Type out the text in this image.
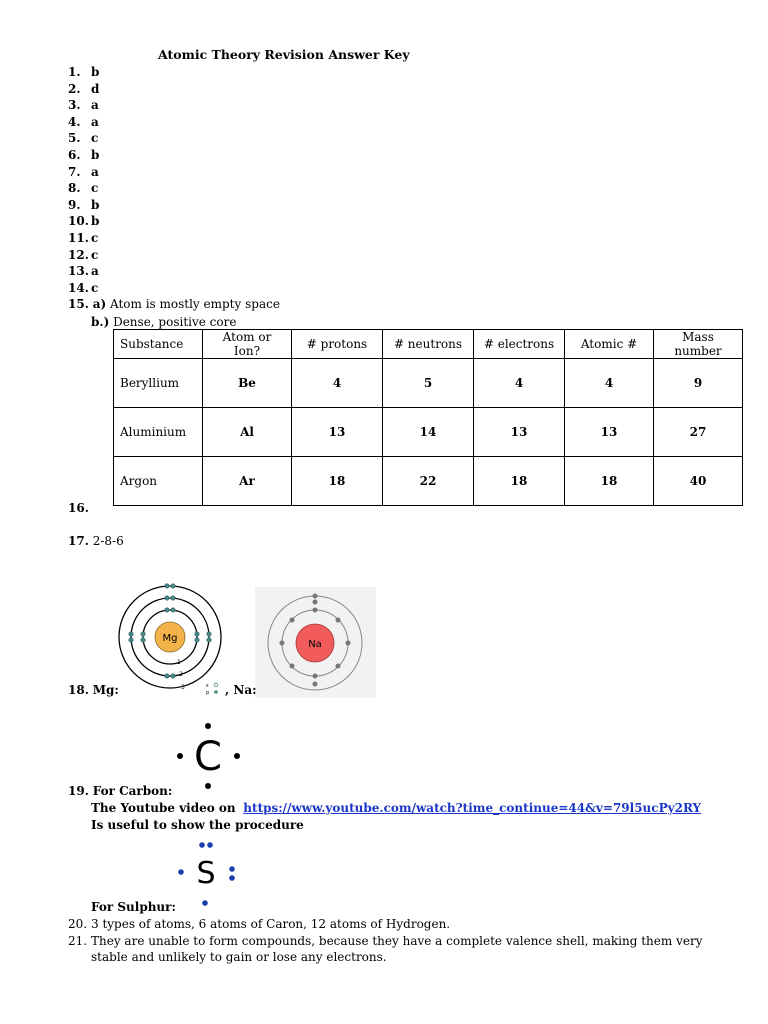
Atomic Theory Revision Answer Key
1. b
2. d
3. a
4. a
5. c
6. b
7. a
8. c
9. b
10. b
11. c
12. c
13. a
14. c
15. a) Atom is mostly empty space
b.) Dense, positive core
Substance	Atom or Ion?	# protons	# neutrons	# electrons	Atomic #	Mass number
Beryllium	Be	4	5	4	4	9
Aluminium	Al	13	14	13	13	27
Argon	Ar	18	22	18	18	40
16.
17. 2-8-6
Mg
1
2
3	s
p
Na
18. Mg:	, Na:
C
19. For Carbon:
The Youtube video on https://www.youtube.com/watch?time_continue=44&v=79l5ucPy2RY
Is useful to show the procedure
S
For Sulphur:
20. 3 types of atoms, 6 atoms of Caron, 12 atoms of Hydrogen.
21. They are unable to form compounds, because they have a complete valence shell, making them very
stable and unlikely to gain or lose any electrons.
